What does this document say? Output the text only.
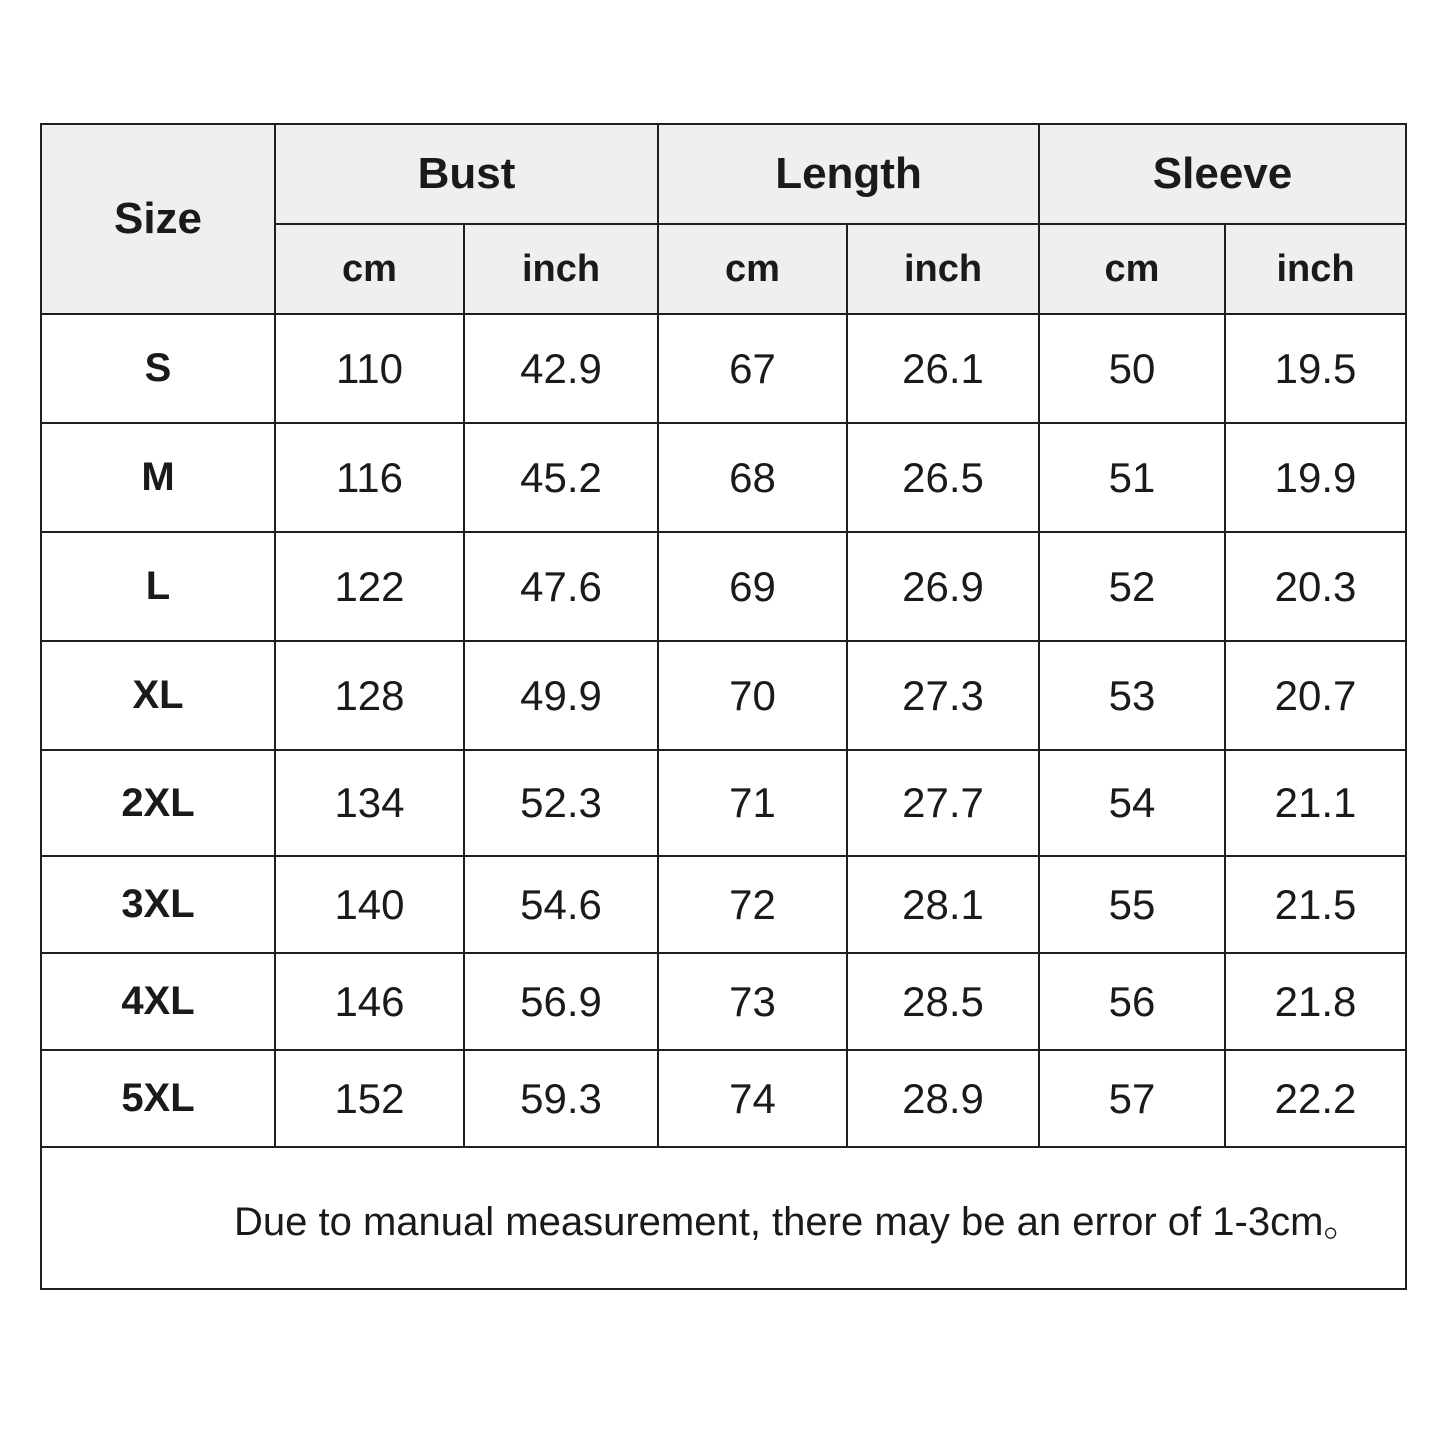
Size	Bust		Length		Sleeve	
	cm	inch	cm	inch	cm	inch
S	110	42.9	67	26.1	50	19.5
M	116	45.2	68	26.5	51	19.9
L	122	47.6	69	26.9	52	20.3
XL	128	49.9	70	27.3	53	20.7
2XL	134	52.3	71	27.7	54	21.1
3XL	140	54.6	72	28.1	55	21.5
4XL	146	56.9	73	28.5	56	21.8
5XL	152	59.3	74	28.9	57	22.2
Due to manual measurement, there may be an error of 1-3cm。						
